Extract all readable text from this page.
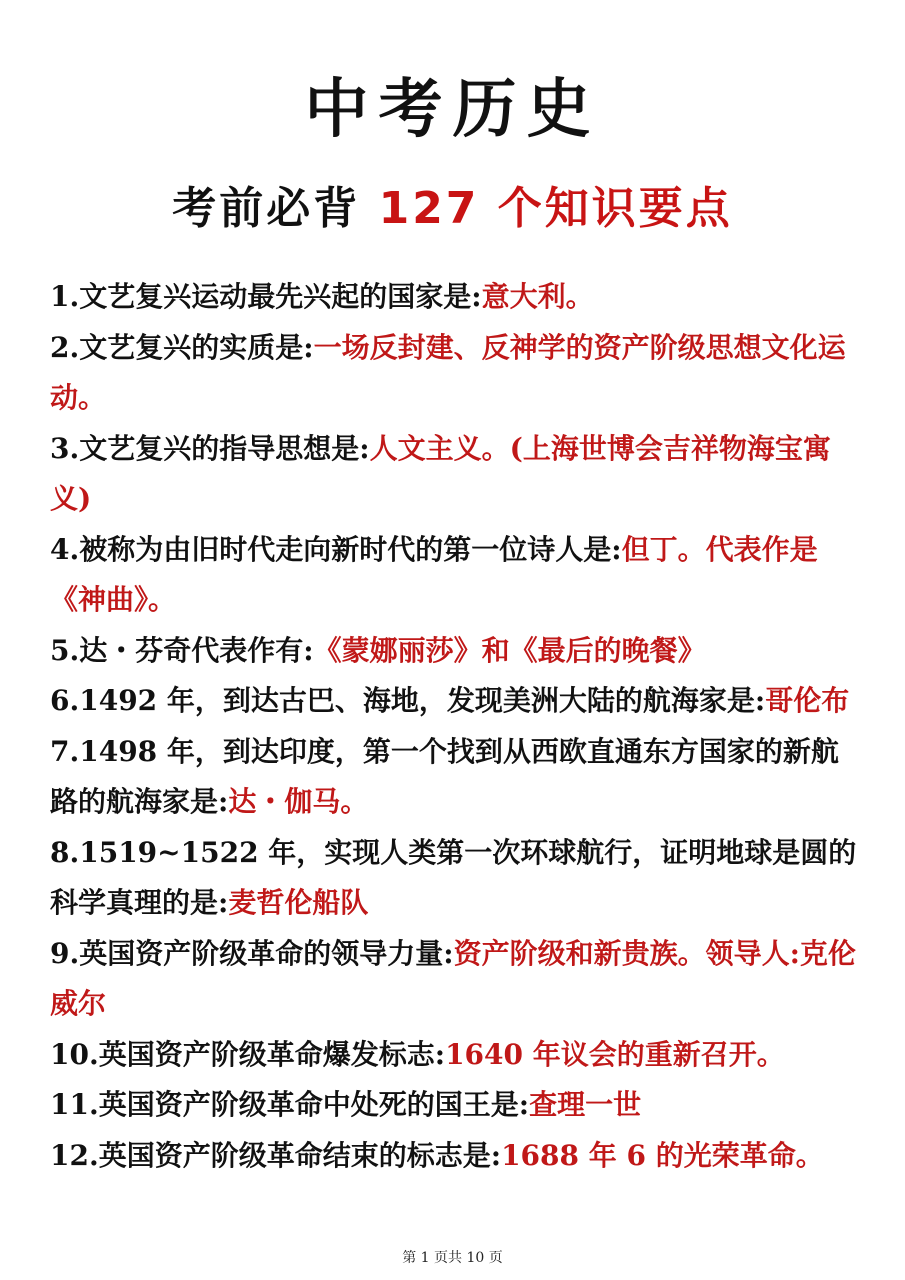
中考历史
考前必背 127 个知识要点
1.文艺复兴运动最先兴起的国家是:意大利。
2.文艺复兴的实质是:一场反封建、反神学的资产阶级思想文化运动。
3.文艺复兴的指导思想是:人文主义。(上海世博会吉祥物海宝寓义)
4.被称为由旧时代走向新时代的第一位诗人是:但丁。代表作是《神曲》。
5.达・芬奇代表作有:《蒙娜丽莎》和《最后的晚餐》
6.1492 年，到达古巴、海地，发现美洲大陆的航海家是:哥伦布
7.1498 年，到达印度，第一个找到从西欧直通东方国家的新航路的航海家是:达・伽马。
8.1519~1522 年，实现人类第一次环球航行，证明地球是圆的科学真理的是:麦哲伦船队
9.英国资产阶级革命的领导力量:资产阶级和新贵族。领导人:克伦威尔
10.英国资产阶级革命爆发标志:1640 年议会的重新召开。
11.英国资产阶级革命中处死的国王是:查理一世
12.英国资产阶级革命结束的标志是:1688 年 6 的光荣革命。
第 1 页共 10 页
